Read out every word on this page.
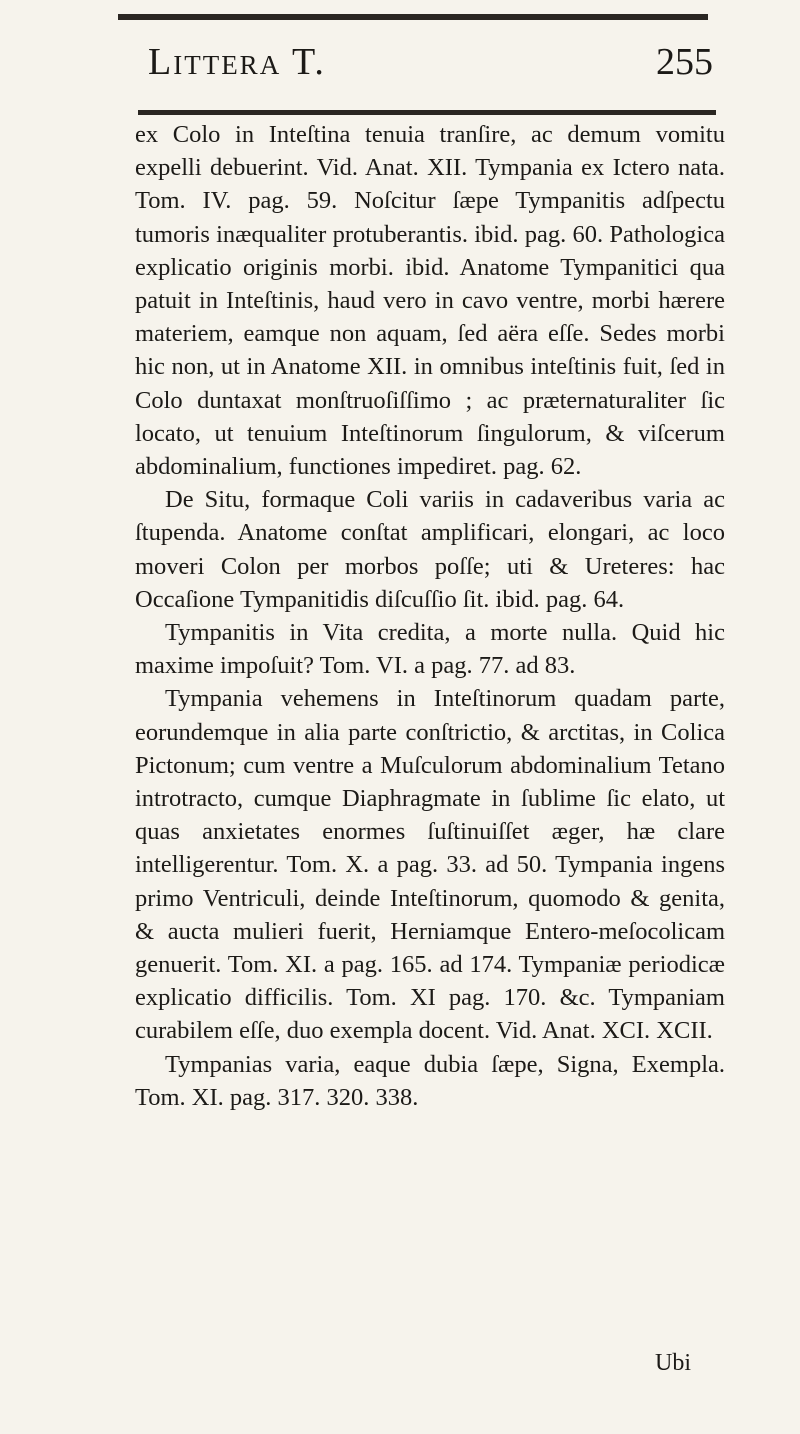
Littera T.	255

ex Colo in Inteſtina tenuia tranſire, ac demum vomitu expelli debuerint. Vid. Anat. XII. Tympania ex Ictero nata. Tom. IV. pag. 59. Noſcitur ſæpe Tympanitis adſpectu tumoris inæqualiter protuberantis. ibid. pag. 60. Pathologica explicatio originis morbi. ibid. Anatome Tympanitici qua patuit in Inteſtinis, haud vero in cavo ventre, morbi hærere materiem, eamque non aquam, ſed aëra eſſe. Sedes morbi hic non, ut in Anatome XII. in omnibus inteſtinis fuit, ſed in Colo duntaxat monſtruoſiſſimo ; ac præternaturaliter ſic locato, ut tenuium Inteſtinorum ſingulorum, & viſcerum abdominalium, functiones impediret. pag. 62.

De Situ, formaque Coli variis in cadaveribus varia ac ſtupenda. Anatome conſtat amplificari, elongari, ac loco moveri Colon per morbos poſſe; uti & Ureteres: hac Occaſione Tympanitidis diſcuſſio ſit. ibid. pag. 64.

Tympanitis in Vita credita, a morte nulla. Quid hic maxime impoſuit? Tom. VI. a pag. 77. ad 83.

Tympania vehemens in Inteſtinorum quadam parte, eorundemque in alia parte conſtrictio, & arctitas, in Colica Pictonum; cum ventre a Muſculorum abdominalium Tetano introtracto, cumque Diaphragmate in ſublime ſic elato, ut quas anxietates enormes ſuſtinuiſſet æger, hæ clare intelligerentur. Tom. X. a pag. 33. ad 50. Tympania ingens primo Ventriculi, deinde Inteſtinorum, quomodo & genita, & aucta mulieri fuerit, Herniamque Entero-meſocolicam genuerit. Tom. XI. a pag. 165. ad 174. Tympaniæ periodicæ explicatio difficilis. Tom. XI pag. 170. &c. Tympaniam curabilem eſſe, duo exempla docent. Vid. Anat. XCI. XCII.

Tympanias varia, eaque dubia ſæpe, Signa, Exempla. Tom. XI. pag. 317. 320. 338.

Ubi
